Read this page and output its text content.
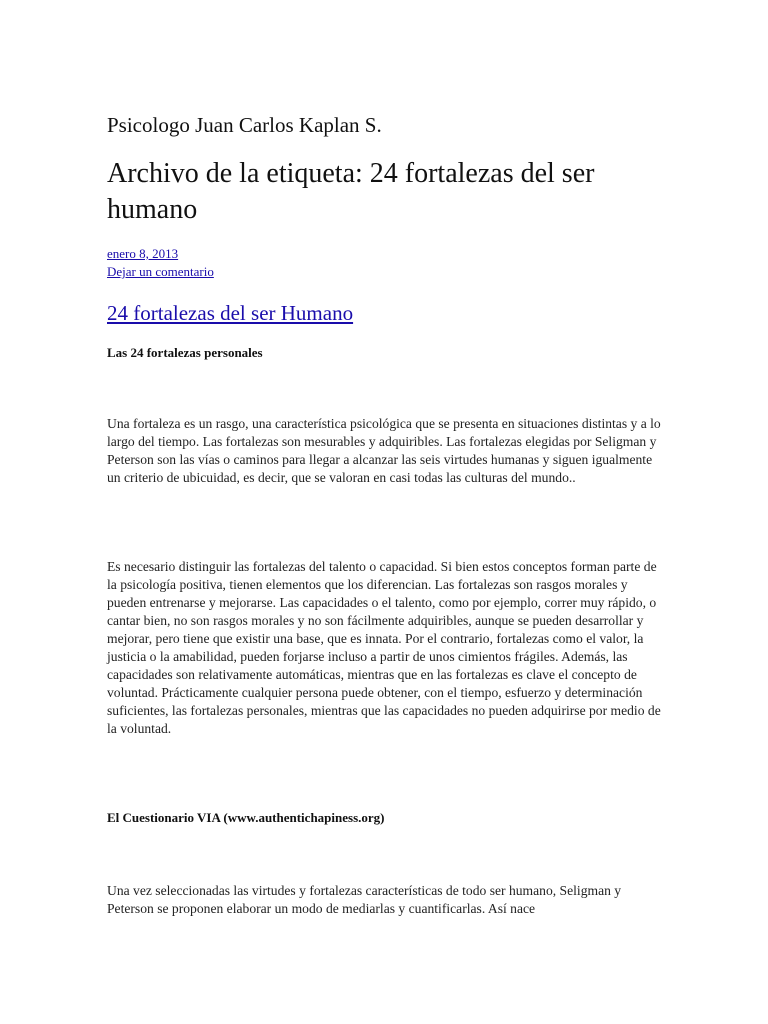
Psicologo Juan Carlos Kaplan S.
Archivo de la etiqueta: 24 fortalezas del ser humano
enero 8, 2013
Dejar un comentario
24 fortalezas del ser Humano

Las 24 fortalezas personales

Una fortaleza es un rasgo, una característica psicológica que se presenta en situaciones distintas y a lo largo del tiempo. Las fortalezas son mesurables y adquiribles. Las fortalezas elegidas por Seligman y Peterson son las vías o caminos para llegar a alcanzar las seis virtudes humanas y siguen igualmente un criterio de ubicuidad, es decir, que se valoran en casi todas las culturas del mundo..

Es necesario distinguir las fortalezas del talento o capacidad. Si bien estos conceptos forman parte de la psicología positiva, tienen elementos que los diferencian. Las fortalezas son rasgos morales y pueden entrenarse y mejorarse. Las capacidades o el talento, como por ejemplo, correr muy rápido, o cantar bien, no son rasgos morales y no son fácilmente adquiribles, aunque se pueden desarrollar y mejorar, pero tiene que existir una base, que es innata. Por el contrario, fortalezas como el valor, la justicia o la amabilidad, pueden forjarse incluso a partir de unos cimientos frágiles. Además, las capacidades son relativamente automáticas, mientras que en las fortalezas es clave el concepto de voluntad. Prácticamente cualquier persona puede obtener, con el tiempo, esfuerzo y determinación suficientes, las fortalezas personales, mientras que las capacidades no pueden adquirirse por medio de la voluntad.

El Cuestionario VIA (www.authentichapiness.org)

Una vez seleccionadas las virtudes y fortalezas características de todo ser humano, Seligman y Peterson se proponen elaborar un modo de mediarlas y cuantificarlas. Así nace
